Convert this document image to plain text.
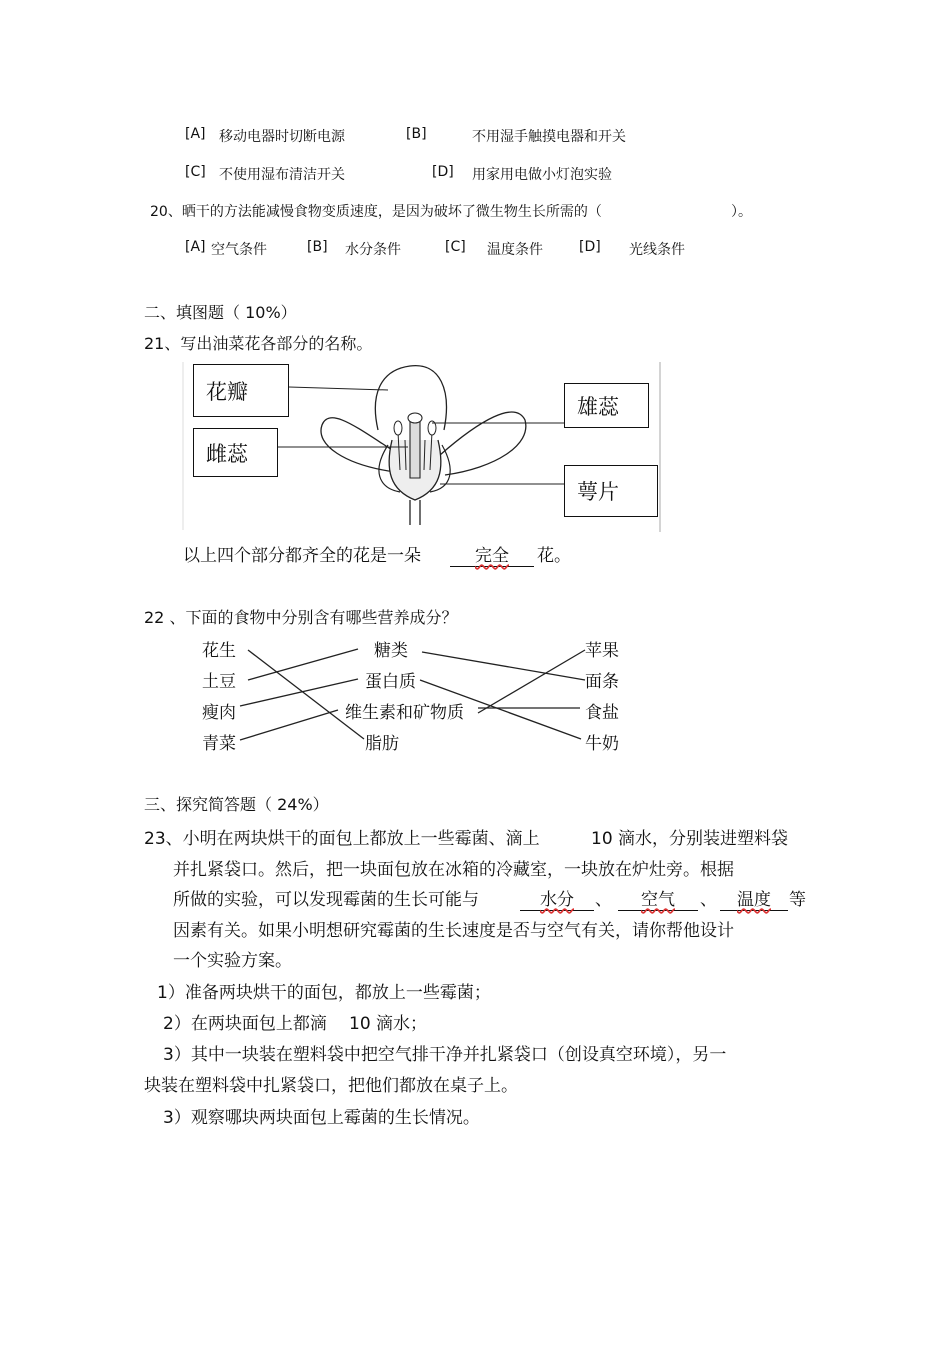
[A] 移动电器时切断电源	[B]	不用湿手触摸电器和开关
[C] 不使用湿布清洁开关	[D] 用家用电做小灯泡实验
20、晒干的方法能减慢食物变质速度，是因为破坏了微生物生长所需的（	）。
[A] 空气条件	[B] 水分条件	[C] 温度条件	[D] 光线条件
二、填图题（ 10%）
21、写出油菜花各部分的名称。
花瓣
雌蕊
雄蕊
萼片
以上四个部分都齐全的花是一朵	完全	花。
22 、下面的食物中分别含有哪些营养成分？
花生
土豆
瘦肉
青菜
糖类
蛋白质
维生素和矿物质
脂肪
苹果
面条
食盐
牛奶
三、探究简答题（ 24%）
23、小明在两块烘干的面包上都放上一些霉菌、滴上	10 滴水，分别装进塑料袋
并扎紧袋口。然后，把一块面包放在冰箱的冷藏室，一块放在炉灶旁。根据
所做的实验，可以发现霉菌的生长可能与	水分	、	空气	、	温度	等
因素有关。如果小明想研究霉菌的生长速度是否与空气有关，请你帮他设计
一个实验方案。
1）准备两块烘干的面包，都放上一些霉菌；
2）在两块面包上都滴 10 滴水；
3）其中一块装在塑料袋中把空气排干净并扎紧袋口（创设真空环境），另一
块装在塑料袋中扎紧袋口，把他们都放在桌子上。
3）观察哪块两块面包上霉菌的生长情况。
